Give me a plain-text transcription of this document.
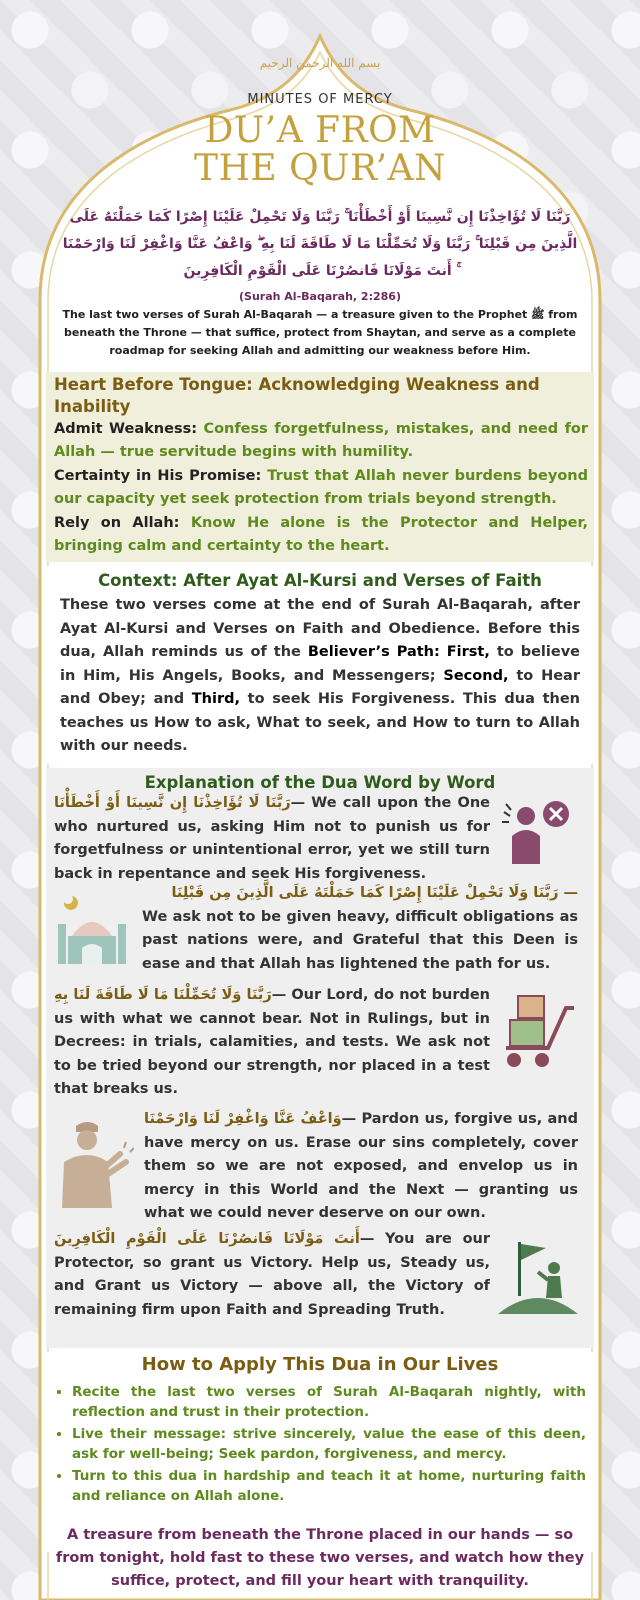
بسم الله الرحمن الرحيم
MINUTES OF MERCY
DU’A FROM
THE QUR’AN
رَبَّنَا لَا تُؤَاخِذْنَا إِن نَّسِينَا أَوْ أَخْطَأْنَا ۚ رَبَّنَا وَلَا تَحْمِلْ عَلَيْنَا إِصْرًا كَمَا حَمَلْتَهُ عَلَى الَّذِينَ مِن قَبْلِنَا ۚ رَبَّنَا وَلَا تُحَمِّلْنَا مَا لَا طَاقَةَ لَنَا بِهِ ۖ وَاعْفُ عَنَّا وَاغْفِرْ لَنَا وَارْحَمْنَا ۚ أَنتَ مَوْلَانَا فَانصُرْنَا عَلَى الْقَوْمِ الْكَافِرِينَ
(Surah Al-Baqarah, 2:286)
The last two verses of Surah Al-Baqarah — a treasure given to the Prophet ﷺ from beneath the Throne — that suffice, protect from Shaytan, and serve as a complete roadmap for seeking Allah and admitting our weakness before Him.
Heart Before Tongue: Acknowledging Weakness and Inability

Admit Weakness: Confess forgetfulness, mistakes, and need for Allah — true servitude begins with humility.

Certainty in His Promise: Trust that Allah never burdens beyond our capacity yet seek protection from trials beyond strength.

Rely on Allah: Know He alone is the Protector and Helper, bringing calm and certainty to the heart.

Context: After Ayat Al-Kursi and Verses of Faith

These two verses come at the end of Surah Al-Baqarah, after Ayat Al-Kursi and Verses on Faith and Obedience. Before this dua, Allah reminds us of the Believer’s Path: First, to believe in Him, His Angels, Books, and Messengers; Second, to Hear and Obey; and Third, to seek His Forgiveness. This dua then teaches us How to ask, What to seek, and How to turn to Allah with our needs.

Explanation of the Dua Word by Word
رَبَّنَا لَا تُؤَاخِذْنَا إِن نَّسِينَا أَوْ أَخْطَأْنَا— We call upon the One who nurtured us, asking Him not to punish us for forgetfulness or unintentional error, yet we still turn back in repentance and seek His forgiveness.
— رَبَّنَا وَلَا تَحْمِلْ عَلَيْنَا إِصْرًا كَمَا حَمَلْتَهُ عَلَى الَّذِينَ مِن قَبْلِنَا
We ask not to be given heavy, difficult obligations as past nations were, and Grateful that this Deen is ease and that Allah has lightened the path for us.
رَبَّنَا وَلَا تُحَمِّلْنَا مَا لَا طَاقَةَ لَنَا بِهِ— Our Lord, do not burden us with what we cannot bear. Not in Rulings, but in Decrees: in trials, calamities, and tests. We ask not to be tried beyond our strength, nor placed in a test that breaks us.
وَاعْفُ عَنَّا وَاغْفِرْ لَنَا وَارْحَمْنَا— Pardon us, forgive us, and have mercy on us. Erase our sins completely, cover them so we are not exposed, and envelop us in mercy in this World and the Next — granting us what we could never deserve on our own.
أَنتَ مَوْلَانَا فَانصُرْنَا عَلَى الْقَوْمِ الْكَافِرِينَ— You are our Protector, so grant us Victory. Help us, Steady us, and Grant us Victory — above all, the Victory of remaining firm upon Faith and Spreading Truth.
How to Apply This Dua in Our Lives
• Recite the last two verses of Surah Al-Baqarah nightly, with reflection and trust in their protection.
• Live their message: strive sincerely, value the ease of this deen, ask for well-being; Seek pardon, forgiveness, and mercy.
• Turn to this dua in hardship and teach it at home, nurturing faith and reliance on Allah alone.
A treasure from beneath the Throne placed in our hands — so from tonight, hold fast to these two verses, and watch how they suffice, protect, and fill your heart with tranquility.
